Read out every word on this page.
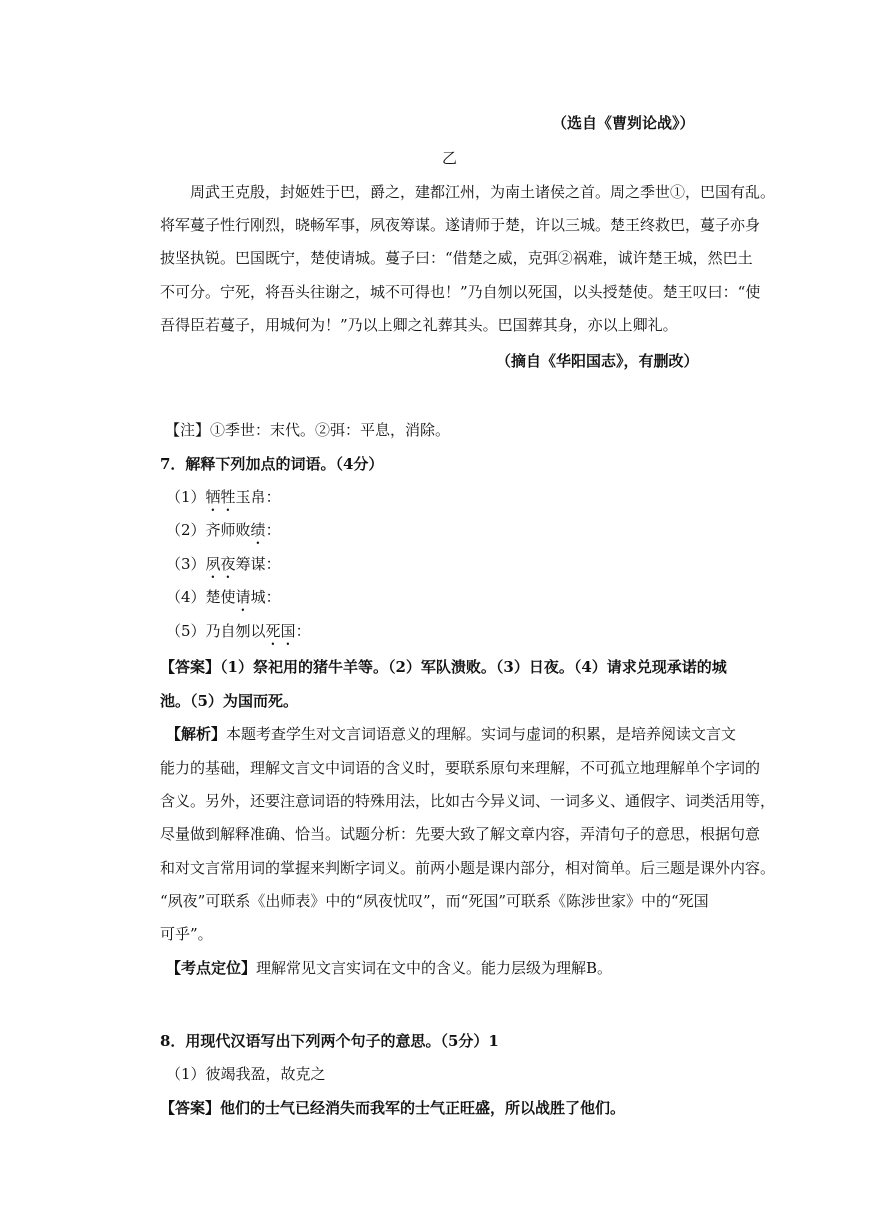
（选自《曹刿论战》）
乙
周武王克殷，封姬姓于巴，爵之，建都江州，为南土诸侯之首。周之季世①，巴国有乱。
将军蔓子性行刚烈，晓畅军事，夙夜筹谋。遂请师于楚，许以三城。楚王终救巴，蔓子亦身
披坚执锐。巴国既宁，楚使请城。蔓子曰：“借楚之威，克弭②祸难，诚许楚王城，然巴土
不可分。宁死，将吾头往谢之，城不可得也！”乃自刎以死国，以头授楚使。楚王叹曰：“使
吾得臣若蔓子，用城何为！”乃以上卿之礼葬其头。巴国葬其身，亦以上卿礼。
（摘自《华阳国志》，有删改）
【注】①季世：末代。②弭：平息，消除。
7．解释下列加点的词语。（4分）
（1）牺牲玉帛：
（2）齐师败绩：
（3）夙夜筹谋：
（4）楚使请城：
（5）乃自刎以死国：
【答案】（1）祭祀用的猪牛羊等。（2）军队溃败。（3）日夜。（4）请求兑现承诺的城
池。（5）为国而死。
【解析】本题考查学生对文言词语意义的理解。实词与虚词的积累，是培养阅读文言文
能力的基础，理解文言文中词语的含义时，要联系原句来理解，不可孤立地理解单个字词的
含义。另外，还要注意词语的特殊用法，比如古今异义词、一词多义、通假字、词类活用等，
尽量做到解释准确、恰当。试题分析：先要大致了解文章内容，弄清句子的意思，根据句意
和对文言常用词的掌握来判断字词义。前两小题是课内部分，相对简单。后三题是课外内容。
“夙夜”可联系《出师表》中的“夙夜忧叹”，而“死国”可联系《陈涉世家》中的“死国
可乎”。
【考点定位】理解常见文言实词在文中的含义。能力层级为理解B。
8．用现代汉语写出下列两个句子的意思。（5分）1
（1）彼竭我盈，故克之
【答案】他们的士气已经消失而我军的士气正旺盛，所以战胜了他们。
